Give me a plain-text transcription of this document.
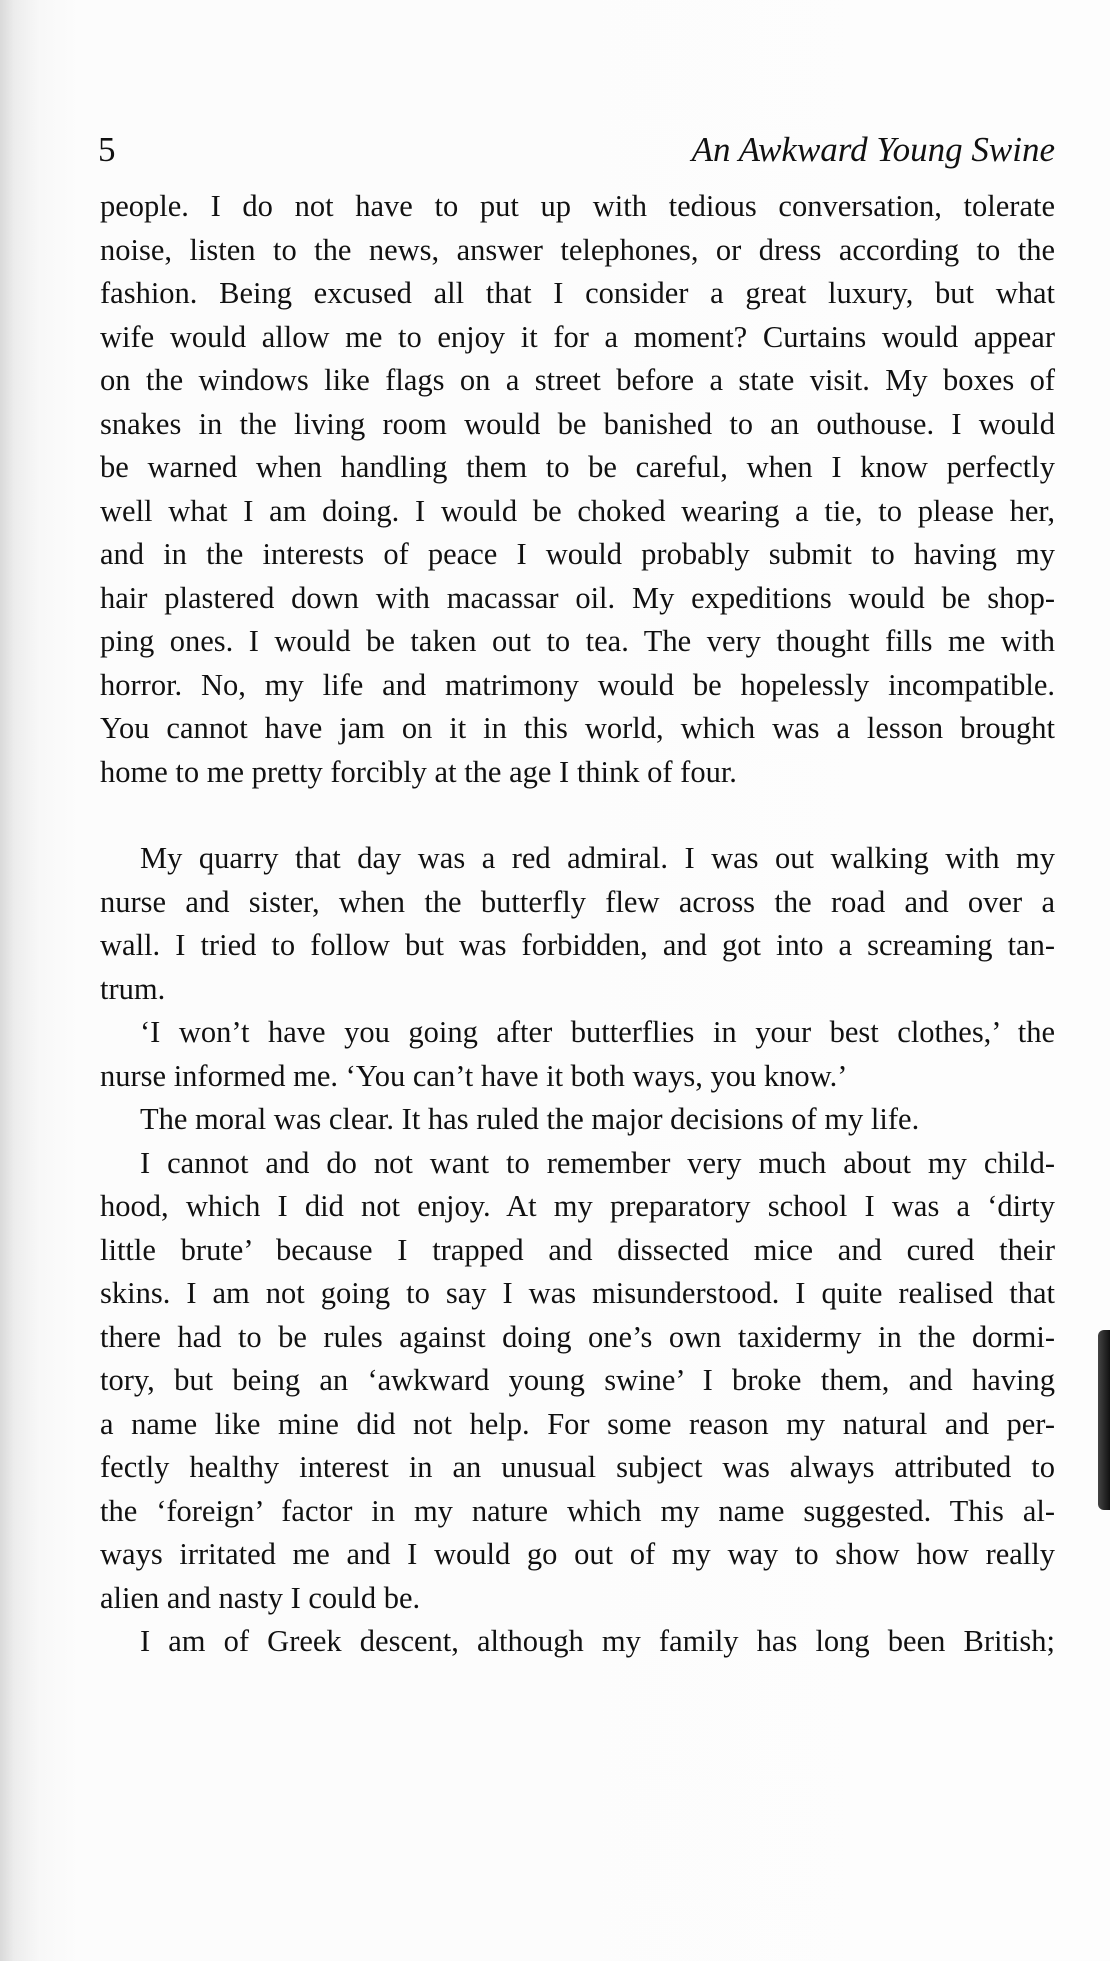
5	An Awkward Young Swine
people. I do not have to put up with tedious conversation, tolerate
noise, listen to the news, answer telephones, or dress according to the
fashion. Being excused all that I consider a great luxury, but what
wife would allow me to enjoy it for a moment? Curtains would appear
on the windows like flags on a street before a state visit. My boxes of
snakes in the living room would be banished to an outhouse. I would
be warned when handling them to be careful, when I know perfectly
well what I am doing. I would be choked wearing a tie, to please her,
and in the interests of peace I would probably submit to having my
hair plastered down with macassar oil. My expeditions would be shop-
ping ones. I would be taken out to tea. The very thought fills me with
horror. No, my life and matrimony would be hopelessly incompatible.
You cannot have jam on it in this world, which was a lesson brought
home to me pretty forcibly at the age I think of four.
My quarry that day was a red admiral. I was out walking with my
nurse and sister, when the butterfly flew across the road and over a
wall. I tried to follow but was forbidden, and got into a screaming tan-
trum.
‘I won’t have you going after butterflies in your best clothes,’ the
nurse informed me. ‘You can’t have it both ways, you know.’
The moral was clear. It has ruled the major decisions of my life.
I cannot and do not want to remember very much about my child-
hood, which I did not enjoy. At my preparatory school I was a ‘dirty
little brute’ because I trapped and dissected mice and cured their
skins. I am not going to say I was misunderstood. I quite realised that
there had to be rules against doing one’s own taxidermy in the dormi-
tory, but being an ‘awkward young swine’ I broke them, and having
a name like mine did not help. For some reason my natural and per-
fectly healthy interest in an unusual subject was always attributed to
the ‘foreign’ factor in my nature which my name suggested. This al-
ways irritated me and I would go out of my way to show how really
alien and nasty I could be.
I am of Greek descent, although my family has long been British;
